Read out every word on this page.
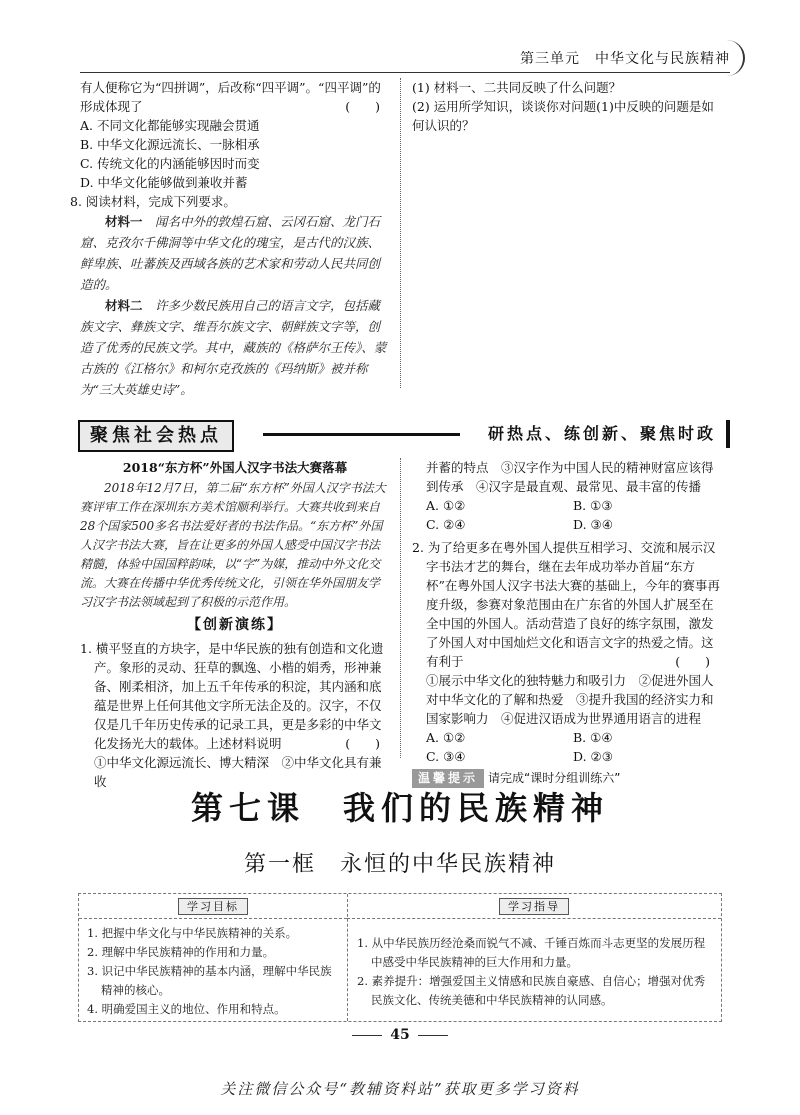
第三单元　中华文化与民族精神

有人便称它为“四拼调”，后改称“四平调”。“四平调”的

形成体现了	(　　)

A. 不同文化都能够实现融会贯通

B. 中华文化源远流长、一脉相承

C. 传统文化的内涵能够因时而变

D. 中华文化能够做到兼收并蓄

8. 阅读材料，完成下列要求。

材料一　 闻名中外的敦煌石窟、云冈石窟、龙门石窟、克孜尔千佛洞等中华文化的瑰宝，是古代的汉族、鲜卑族、吐蕃族及西域各族的艺术家和劳动人民共同创造的。

材料二　 许多少数民族用自己的语言文字，包括藏族文字、彝族文字、维吾尔族文字、朝鲜族文字等，创造了优秀的民族文学。其中，藏族的《格萨尔王传》、蒙古族的《江格尔》和柯尔克孜族的《玛纳斯》被并称为“三大英雄史诗”。

(1) 材料一、二共同反映了什么问题？

(2) 运用所学知识，谈谈你对问题(1)中反映的问题是如何认识的？

聚焦社会热点	研热点、练创新、聚焦时政

2018“东方杯”外国人汉字书法大赛落幕

2018年12月7日，第二届“东方杯”外国人汉字书法大赛评审工作在深圳东方美术馆顺利举行。大赛共收到来自28个国家500多名书法爱好者的书法作品。“东方杯”外国人汉字书法大赛，旨在让更多的外国人感受中国汉字书法精髓，体验中国国粹韵味，以“字”为媒，推动中外文化交流。大赛在传播中华优秀传统文化，引领在华外国朋友学习汉字书法领域起到了积极的示范作用。

【创新演练】

1. 横平竖直的方块字，是中华民族的独有创造和文化遗产。象形的灵动、狂草的飘逸、小楷的娟秀，形神兼备、刚柔相济，加上五千年传承的积淀，其内涵和底蕴是世界上任何其他文字所无法企及的。汉字，不仅仅是几千年历史传承的记录工具，更是多彩的中华文化发扬光大的载体。上述材料说明	(　　)

①中华文化源远流长、博大精深　②中华文化具有兼收

并蓄的特点　③汉字作为中国人民的精神财富应该得到传承　④汉字是最直观、最常见、最丰富的传播

A. ①②	B. ①③
C. ②④	D. ③④

2. 为了给更多在粤外国人提供互相学习、交流和展示汉字书法才艺的舞台，继在去年成功举办首届“东方杯”在粤外国人汉字书法大赛的基础上，今年的赛事再度升级，参赛对象范围由在广东省的外国人扩展至在全中国的外国人。活动营造了良好的练字氛围，激发了外国人对中国灿烂文化和语言文字的热爱之情。这有利于	(　　)

①展示中华文化的独特魅力和吸引力　②促进外国人对中华文化的了解和热爱　③提升我国的经济实力和国家影响力　④促进汉语成为世界通用语言的进程

A. ①②	B. ①④
C. ③④	D. ②③
温馨提示 请完成“课时分组训练六”
第七课　我们的民族精神
第一框　永恒的中华民族精神
学习目标	学习指导

1. 把握中华文化与中华民族精神的关系。

2. 理解中华民族精神的作用和力量。

3. 识记中华民族精神的基本内涵，理解中华民族精神的核心。

4. 明确爱国主义的地位、作用和特点。

1. 从中华民族历经沧桑而锐气不减、千锤百炼而斗志更坚的发展历程中感受中华民族精神的巨大作用和力量。

2. 素养提升：增强爱国主义情感和民族自豪感、自信心；增强对优秀民族文化、传统美德和中华民族精神的认同感。

45
关注微信公众号“教辅资料站”获取更多学习资料
